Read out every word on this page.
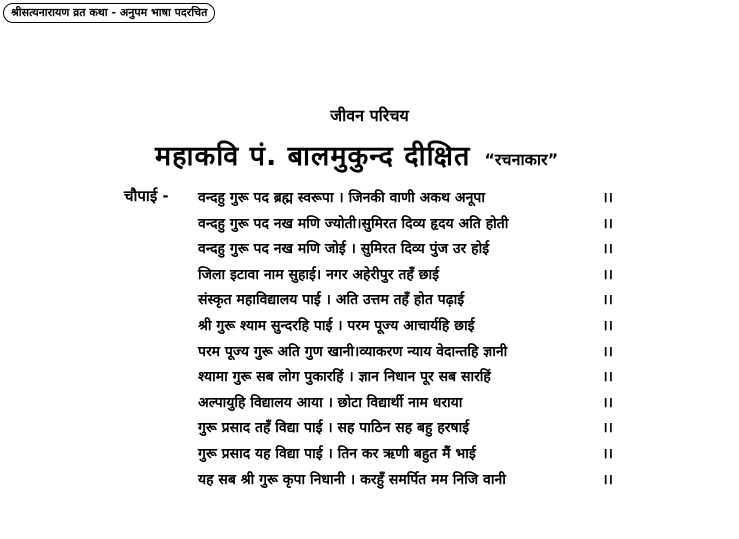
श्रीसत्यनारायण व्रत कथा - अनुपम भाषा पदरचित
जीवन परिचय
महाकवि पं. बालमुकुन्द दीक्षित “रचनाकार”
चौपाई - वन्दहु गुरू पद ब्रह्म स्वरूपा । जिनकी वाणी अकथ अनूपा	।।
वन्दहु गुरू पद नख मणि ज्योती।सुमिरत दिव्य हृदय अति होती	।।
वन्दहु गुरू पद नख मणि जोई । सुमिरत दिव्य पुंज उर होई	।।
जिला इटावा नाम सुहाई। नगर अहेरीपुर तहँ छाई	।।
संस्कृत महाविद्यालय पाई । अति उत्तम तहँ होत पढ़ाई	।।
श्री गुरू श्याम सुन्दरहि पाई । परम पूज्य आचार्यहि छाई	।।
परम पूज्य गुरू अति गुण खानी।व्याकरण न्याय वेदान्तहि ज्ञानी	।।
श्यामा गुरू सब लोग पुकारहिं । ज्ञान निधान पूर सब सारहिं	।।
अल्पायुहि विद्यालय आया । छोटा विद्यार्थी नाम धराया	।।
गुरू प्रसाद तहँ विद्या पाई । सह पाठिन सह बहु हरषाई	।।
गुरू प्रसाद यह विद्या पाई । तिन कर ऋणी बहुत मैं भाई	।।
यह सब श्री गुरू कृपा निधानी । करहुँ समर्पित मम निजि वानी	।।
